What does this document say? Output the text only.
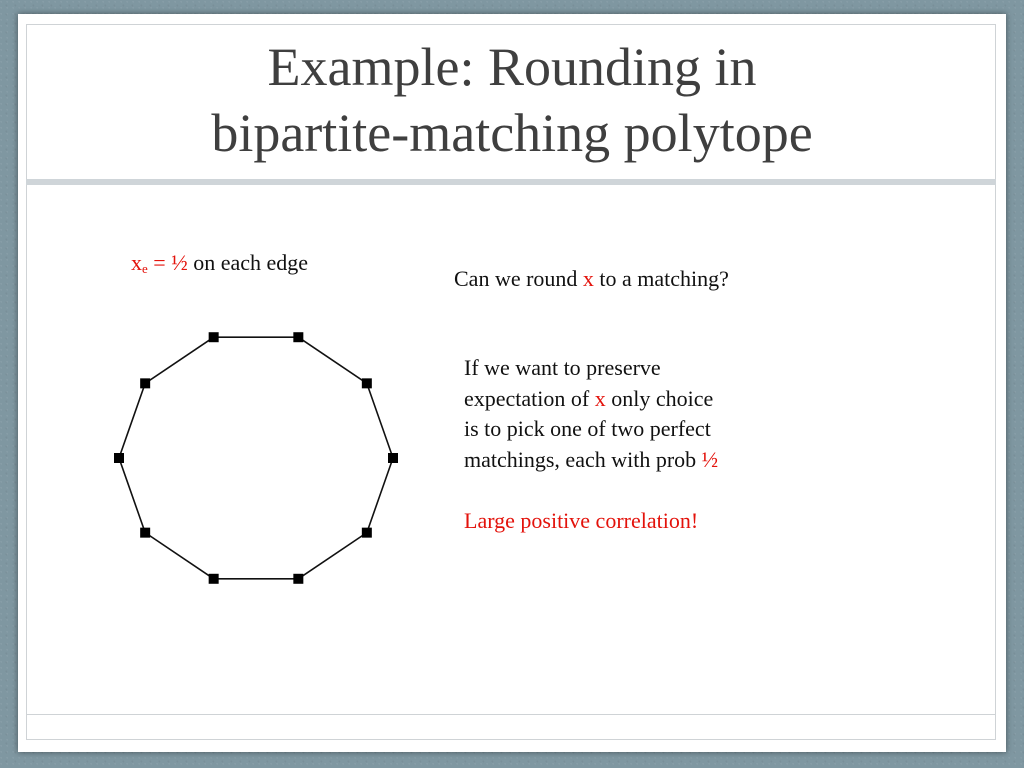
Example: Rounding in
bipartite-matching polytope
$x_e$ = ½ on each edge
Can we round x to a matching?
If we want to preserve
expectation of x only choice
is to pick one of two perfect
matchings, each with prob ½
Large positive correlation!
